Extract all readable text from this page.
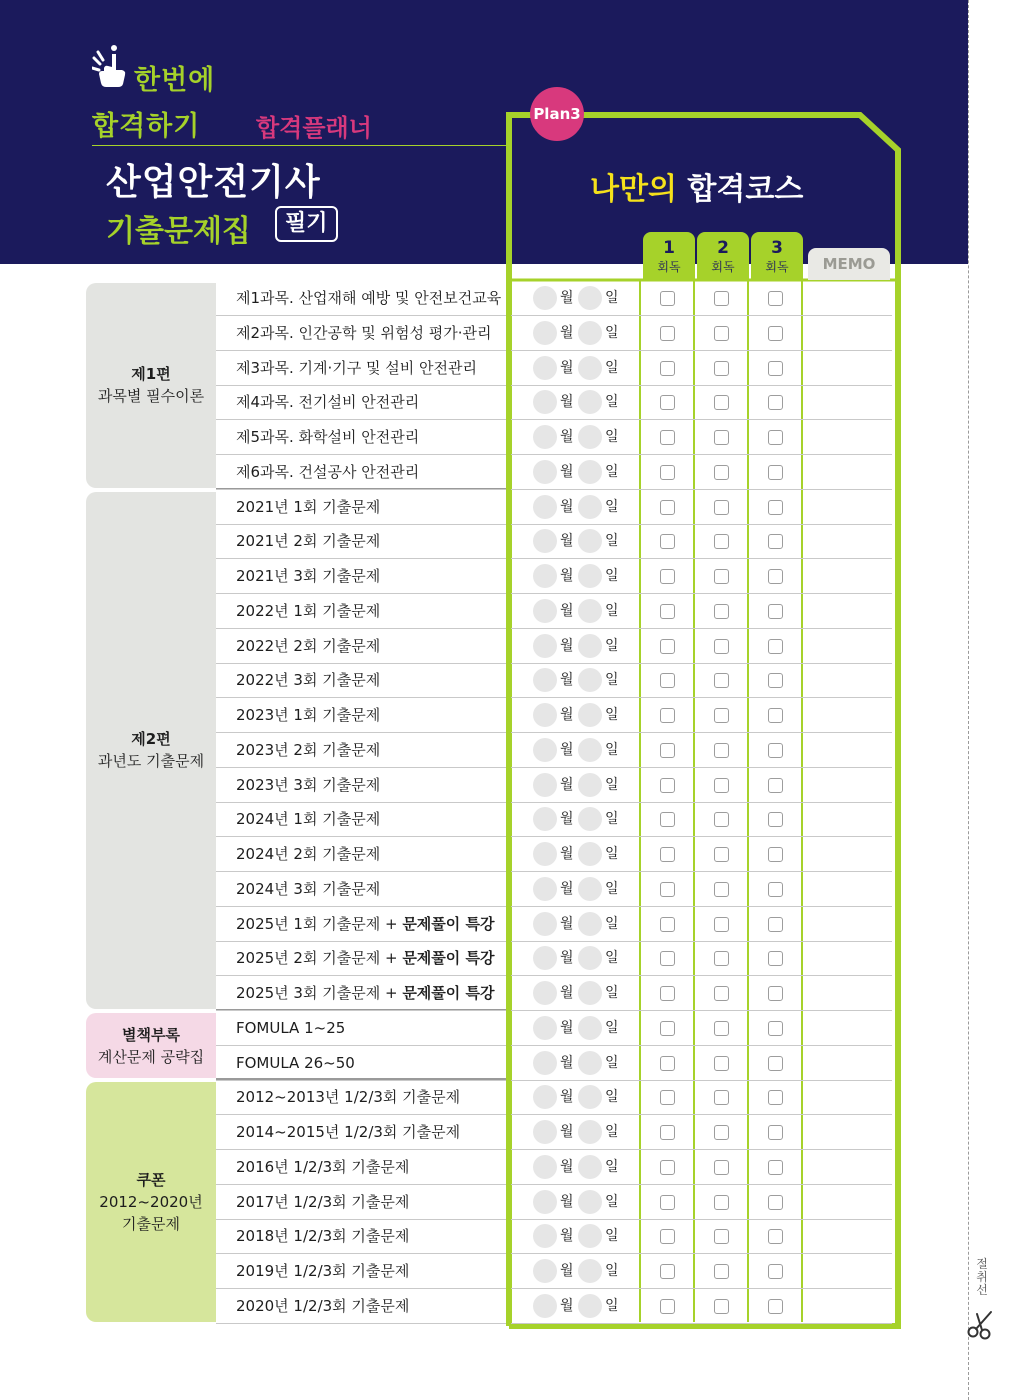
한번에
합격하기 합격플래너
산업안전기사
기출문제집	필기
Plan3
나만의 합격코스
1
회독
2
회독
3
회독	MEMO
제1편
과목별 필수이론
제2편
과년도 기출문제
별책부록
계산문제 공략집
쿠폰
2012~2020년
기출문제
제1과목. 산업재해 예방 및 안전보건교육	월 일
제2과목. 인간공학 및 위험성 평가·관리	월 일
제3과목. 기계·기구 및 설비 안전관리	월 일
제4과목. 전기설비 안전관리	월 일
제5과목. 화학설비 안전관리	월 일
제6과목. 건설공사 안전관리	월 일
2021년 1회 기출문제	월 일
2021년 2회 기출문제	월 일
2021년 3회 기출문제	월 일
2022년 1회 기출문제	월 일
2022년 2회 기출문제	월 일
2022년 3회 기출문제	월 일
2023년 1회 기출문제	월 일
2023년 2회 기출문제	월 일
2023년 3회 기출문제	월 일
2024년 1회 기출문제	월 일
2024년 2회 기출문제	월 일
2024년 3회 기출문제	월 일
2025년 1회 기출문제 + 문제풀이 특강	월 일
2025년 2회 기출문제 + 문제풀이 특강	월 일
2025년 3회 기출문제 + 문제풀이 특강	월 일
FOMULA 1~25	월 일
FOMULA 26~50	월 일
2012~2013년 1/2/3회 기출문제	월 일
2014~2015년 1/2/3회 기출문제	월 일
2016년 1/2/3회 기출문제	월 일
2017년 1/2/3회 기출문제	월 일
2018년 1/2/3회 기출문제	월 일
2019년 1/2/3회 기출문제	월 일
2020년 1/2/3회 기출문제	월 일
절취선
